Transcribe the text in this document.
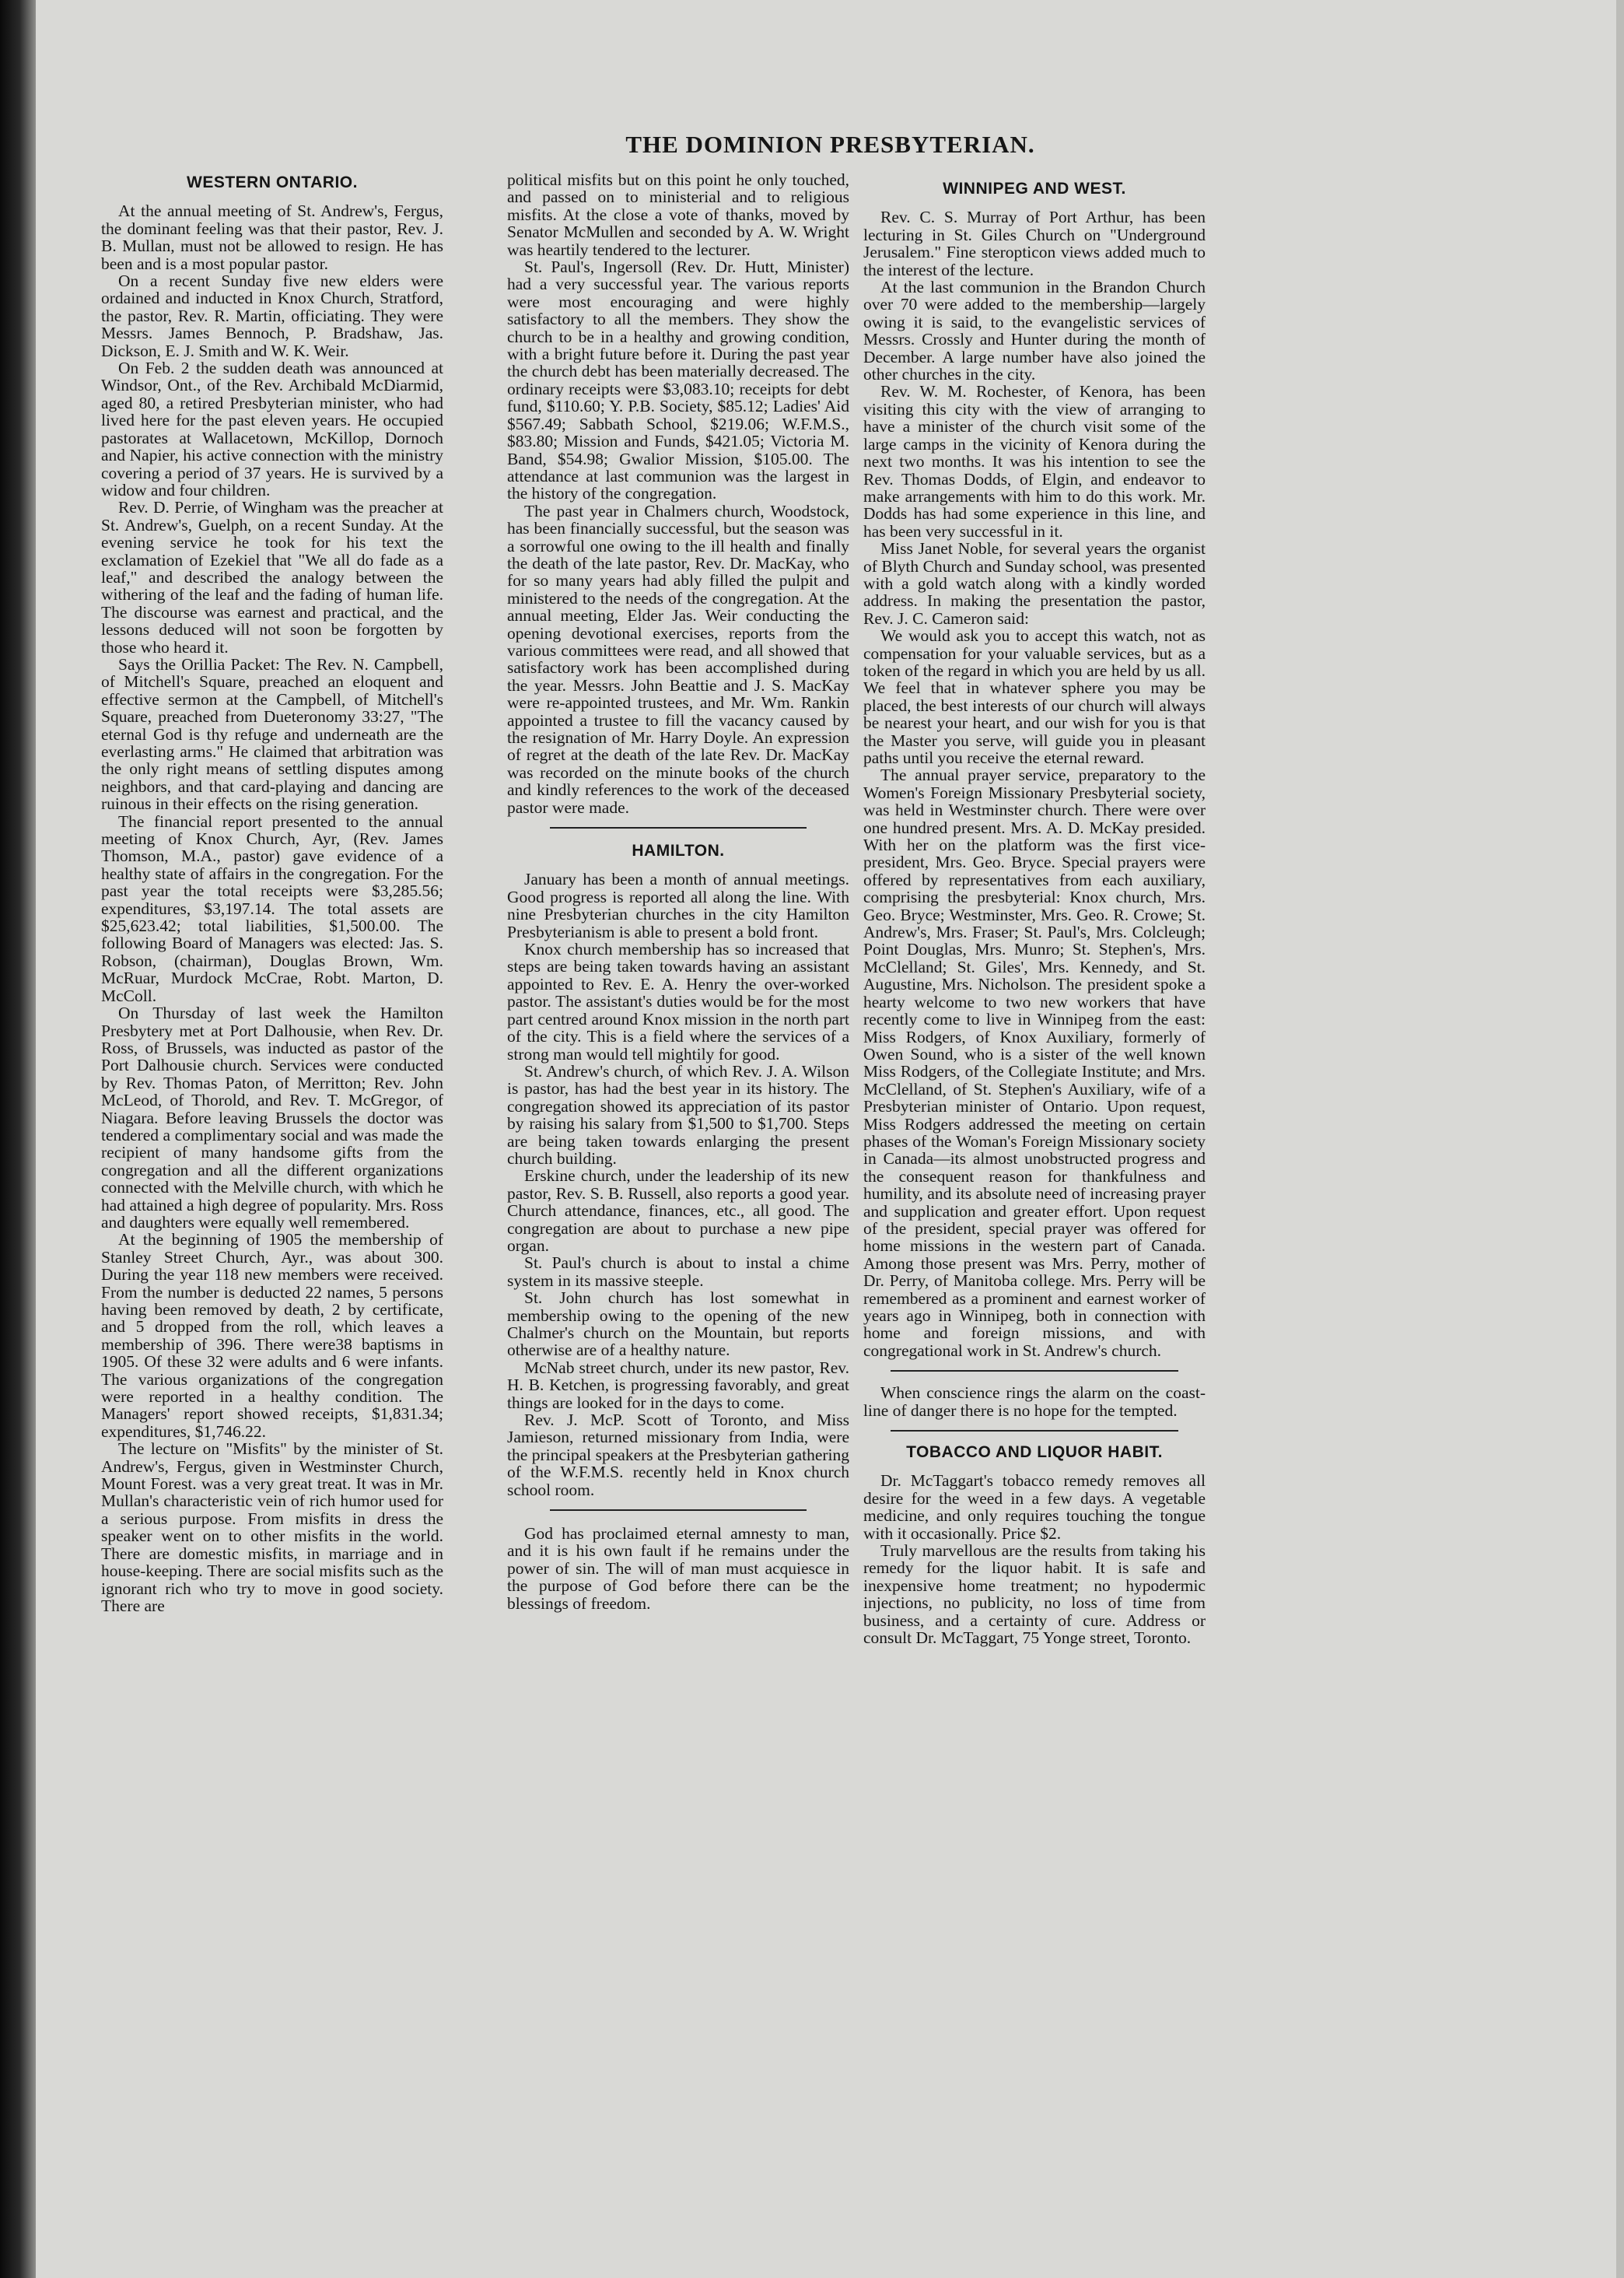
THE DOMINION PRESBYTERIAN.
WESTERN ONTARIO.

At the annual meeting of St. Andrew's, Fergus, the dominant feeling was that their pastor, Rev. J. B. Mullan, must not be allowed to resign. He has been and is a most popular pastor.

On a recent Sunday five new elders were ordained and inducted in Knox Church, Stratford, the pastor, Rev. R. Martin, officiating. They were Messrs. James Bennoch, P. Bradshaw, Jas. Dickson, E. J. Smith and W. K. Weir.

On Feb. 2 the sudden death was announced at Windsor, Ont., of the Rev. Archibald McDiarmid, aged 80, a retired Presbyterian minister, who had lived here for the past eleven years. He occupied pastorates at Wallacetown, McKillop, Dornoch and Napier, his active connection with the ministry covering a period of 37 years. He is survived by a widow and four children.

Rev. D. Perrie, of Wingham was the preacher at St. Andrew's, Guelph, on a recent Sunday. At the evening service he took for his text the exclamation of Ezekiel that "We all do fade as a leaf," and described the analogy between the withering of the leaf and the fading of human life. The discourse was earnest and practical, and the lessons deduced will not soon be forgotten by those who heard it.

Says the Orillia Packet: The Rev. N. Campbell, of Mitchell's Square, preached an eloquent and effective sermon at the Campbell, of Mitchell's Square, preached from Dueteronomy 33:27, "The eternal God is thy refuge and underneath are the everlasting arms." He claimed that arbitration was the only right means of settling disputes among neighbors, and that card-playing and dancing are ruinous in their effects on the rising generation.

The financial report presented to the annual meeting of Knox Church, Ayr, (Rev. James Thomson, M.A., pastor) gave evidence of a healthy state of affairs in the congregation. For the past year the total receipts were $3,285.56; expenditures, $3,197.14. The total assets are $25,623.42; total liabilities, $1,500.00. The following Board of Managers was elected: Jas. S. Robson, (chairman), Douglas Brown, Wm. McRuar, Murdock McCrae, Robt. Marton, D. McColl.

On Thursday of last week the Hamilton Presbytery met at Port Dalhousie, when Rev. Dr. Ross, of Brussels, was inducted as pastor of the Port Dalhousie church. Services were conducted by Rev. Thomas Paton, of Merritton; Rev. John McLeod, of Thorold, and Rev. T. McGregor, of Niagara. Before leaving Brussels the doctor was tendered a complimentary social and was made the recipient of many handsome gifts from the congregation and all the different organizations connected with the Melville church, with which he had attained a high degree of popularity. Mrs. Ross and daughters were equally well remembered.

At the beginning of 1905 the membership of Stanley Street Church, Ayr., was about 300. During the year 118 new members were received. From the number is deducted 22 names, 5 persons having been removed by death, 2 by certificate, and 5 dropped from the roll, which leaves a membership of 396. There were38 baptisms in 1905. Of these 32 were adults and 6 were infants. The various organizations of the congregation were reported in a healthy condition. The Managers' report showed receipts, $1,831.34; expenditures, $1,746.22.

The lecture on "Misfits" by the minister of St. Andrew's, Fergus, given in Westminster Church, Mount Forest. was a very great treat. It was in Mr. Mullan's characteristic vein of rich humor used for a serious purpose. From misfits in dress the speaker went on to other misfits in the world. There are domestic misfits, in marriage and in house-keeping. There are social misfits such as the ignorant rich who try to move in good society. There are

political misfits but on this point he only touched, and passed on to ministerial and to religious misfits. At the close a vote of thanks, moved by Senator McMullen and seconded by A. W. Wright was heartily tendered to the lecturer.

St. Paul's, Ingersoll (Rev. Dr. Hutt, Minister) had a very successful year. The various reports were most encouraging and were highly satisfactory to all the members. They show the church to be in a healthy and growing condition, with a bright future before it. During the past year the church debt has been materially decreased. The ordinary receipts were $3,083.10; receipts for debt fund, $110.60; Y. P.B. Society, $85.12; Ladies' Aid $567.49; Sabbath School, $219.06; W.F.M.S., $83.80; Mission and Funds, $421.05; Victoria M. Band, $54.98; Gwalior Mission, $105.00. The attendance at last communion was the largest in the history of the congregation.

The past year in Chalmers church, Woodstock, has been financially successful, but the season was a sorrowful one owing to the ill health and finally the death of the late pastor, Rev. Dr. MacKay, who for so many years had ably filled the pulpit and ministered to the needs of the congregation. At the annual meeting, Elder Jas. Weir conducting the opening devotional exercises, reports from the various committees were read, and all showed that satisfactory work has been accomplished during the year. Messrs. John Beattie and J. S. MacKay were re-appointed trustees, and Mr. Wm. Rankin appointed a trustee to fill the vacancy caused by the resignation of Mr. Harry Doyle. An expression of regret at the death of the late Rev. Dr. MacKay was recorded on the minute books of the church and kindly references to the work of the deceased pastor were made.

HAMILTON.

January has been a month of annual meetings. Good progress is reported all along the line. With nine Presbyterian churches in the city Hamilton Presbyterianism is able to present a bold front.

Knox church membership has so increased that steps are being taken towards having an assistant appointed to Rev. E. A. Henry the over-worked pastor. The assistant's duties would be for the most part centred around Knox mission in the north part of the city. This is a field where the services of a strong man would tell mightily for good.

St. Andrew's church, of which Rev. J. A. Wilson is pastor, has had the best year in its history. The congregation showed its appreciation of its pastor by raising his salary from $1,500 to $1,700. Steps are being taken towards enlarging the present church building.

Erskine church, under the leadership of its new pastor, Rev. S. B. Russell, also reports a good year. Church attendance, finances, etc., all good. The congregation are about to purchase a new pipe organ.

St. Paul's church is about to instal a chime system in its massive steeple.

St. John church has lost somewhat in membership owing to the opening of the new Chalmer's church on the Mountain, but reports otherwise are of a healthy nature.

McNab street church, under its new pastor, Rev. H. B. Ketchen, is progressing favorably, and great things are looked for in the days to come.

Rev. J. McP. Scott of Toronto, and Miss Jamieson, returned missionary from India, were the principal speakers at the Presbyterian gathering of the W.F.M.S. recently held in Knox church school room.

God has proclaimed eternal amnesty to man, and it is his own fault if he remains under the power of sin. The will of man must acquiesce in the purpose of God before there can be the blessings of freedom.

WINNIPEG AND WEST.

Rev. C. S. Murray of Port Arthur, has been lecturing in St. Giles Church on "Underground Jerusalem." Fine steropticon views added much to the interest of the lecture.

At the last communion in the Brandon Church over 70 were added to the membership—largely owing it is said, to the evangelistic services of Messrs. Crossly and Hunter during the month of December. A large number have also joined the other churches in the city.

Rev. W. M. Rochester, of Kenora, has been visiting this city with the view of arranging to have a minister of the church visit some of the large camps in the vicinity of Kenora during the next two months. It was his intention to see the Rev. Thomas Dodds, of Elgin, and endeavor to make arrangements with him to do this work. Mr. Dodds has had some experience in this line, and has been very successful in it.

Miss Janet Noble, for several years the organist of Blyth Church and Sunday school, was presented with a gold watch along with a kindly worded address. In making the presentation the pastor, Rev. J. C. Cameron said:

We would ask you to accept this watch, not as compensation for your valuable services, but as a token of the regard in which you are held by us all. We feel that in whatever sphere you may be placed, the best interests of our church will always be nearest your heart, and our wish for you is that the Master you serve, will guide you in pleasant paths until you receive the eternal reward.

The annual prayer service, preparatory to the Women's Foreign Missionary Presbyterial society, was held in Westminster church. There were over one hundred present. Mrs. A. D. McKay presided. With her on the platform was the first vice-president, Mrs. Geo. Bryce. Special prayers were offered by representatives from each auxiliary, comprising the presbyterial: Knox church, Mrs. Geo. Bryce; Westminster, Mrs. Geo. R. Crowe; St. Andrew's, Mrs. Fraser; St. Paul's, Mrs. Colcleugh; Point Douglas, Mrs. Munro; St. Stephen's, Mrs. McClelland; St. Giles', Mrs. Kennedy, and St. Augustine, Mrs. Nicholson. The president spoke a hearty welcome to two new workers that have recently come to live in Winnipeg from the east: Miss Rodgers, of Knox Auxiliary, formerly of Owen Sound, who is a sister of the well known Miss Rodgers, of the Collegiate Institute; and Mrs. McClelland, of St. Stephen's Auxiliary, wife of a Presbyterian minister of Ontario. Upon request, Miss Rodgers addressed the meeting on certain phases of the Woman's Foreign Missionary society in Canada—its almost unobstructed progress and the consequent reason for thankfulness and humility, and its absolute need of increasing prayer and supplication and greater effort. Upon request of the president, special prayer was offered for home missions in the western part of Canada. Among those present was Mrs. Perry, mother of Dr. Perry, of Manitoba college. Mrs. Perry will be remembered as a prominent and earnest worker of years ago in Winnipeg, both in connection with home and foreign missions, and with congregational work in St. Andrew's church.

When conscience rings the alarm on the coast-line of danger there is no hope for the tempted.

TOBACCO AND LIQUOR HABIT.

Dr. McTaggart's tobacco remedy removes all desire for the weed in a few days. A vegetable medicine, and only requires touching the tongue with it occasionally. Price $2.

Truly marvellous are the results from taking his remedy for the liquor habit. It is safe and inexpensive home treatment; no hypodermic injections, no publicity, no loss of time from business, and a certainty of cure. Address or consult Dr. McTaggart, 75 Yonge street, Toronto.
